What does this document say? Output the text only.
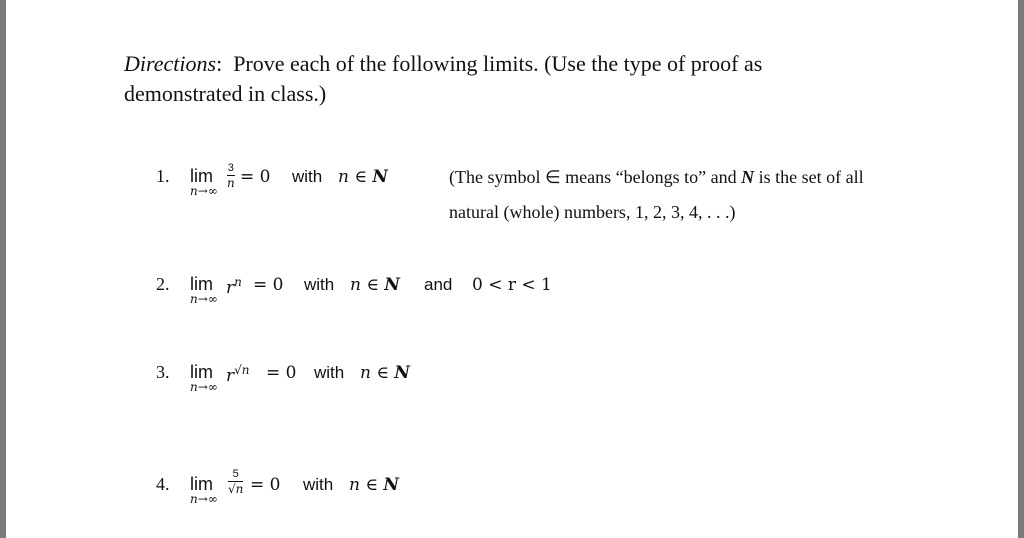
Directions: Prove each of the following limits. (Use the type of proof as
demonstrated in class.)
1. lim
n→∞
3
n = 0 with n ∈ N	(The symbol ∈ means “belongs to” and N is the set of all
natural (whole) numbers, 1, 2, 3, 4, . . .)
2. lim
n→∞
$r^n = 0$ with n ∈ N and 0 < r < 1
3. lim
n→∞
$r^{√n} = 0$ with n ∈ N
4. lim
n→∞
5
√n = 0 with n ∈ N
